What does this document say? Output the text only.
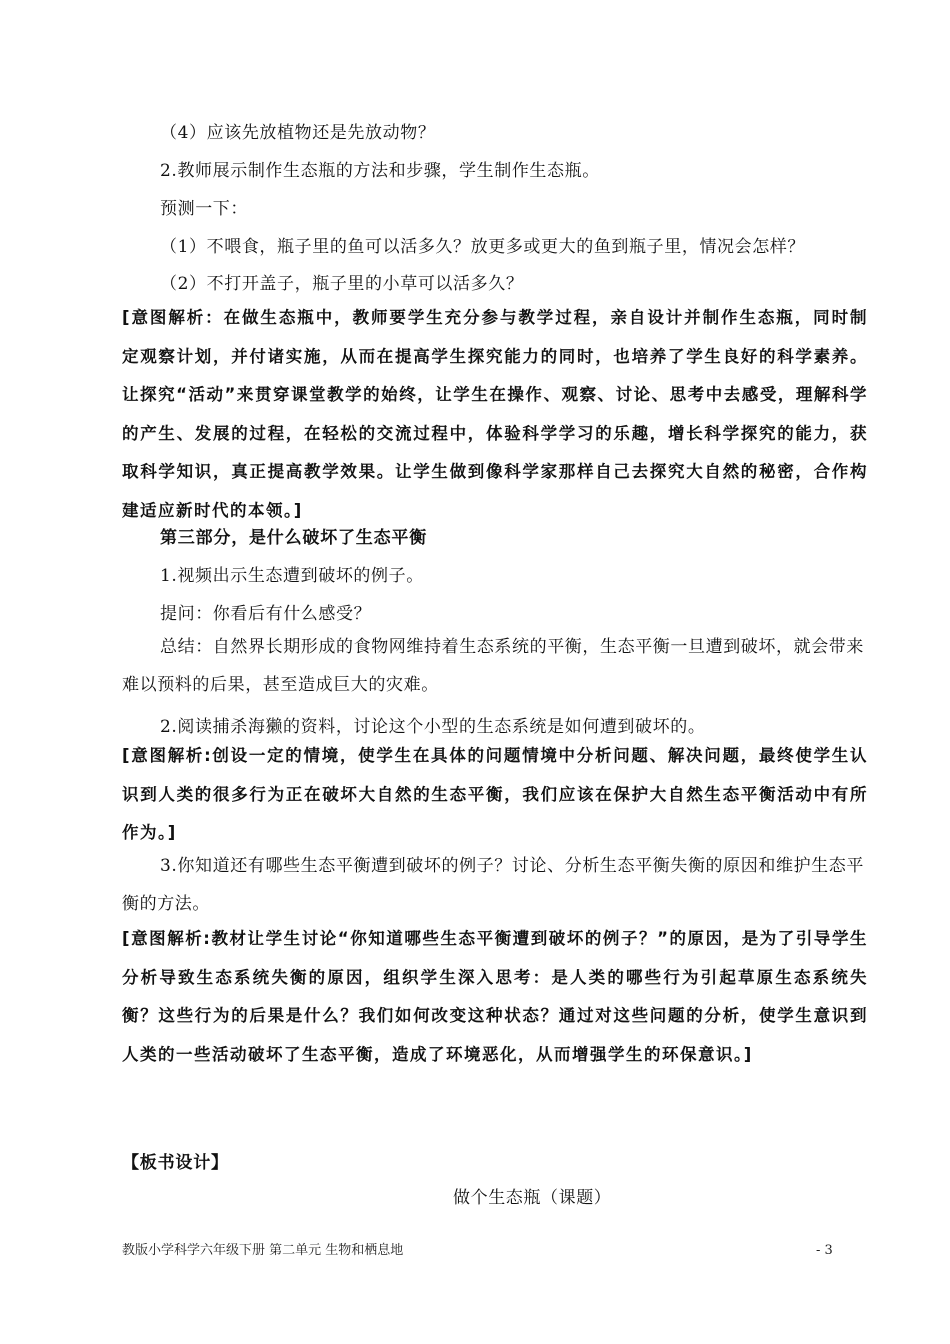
（4）应该先放植物还是先放动物？
2.教师展示制作生态瓶的方法和步骤，学生制作生态瓶。
预测一下：
（1）不喂食，瓶子里的鱼可以活多久？放更多或更大的鱼到瓶子里，情况会怎样？
（2）不打开盖子，瓶子里的小草可以活多久？
[意图解析：在做生态瓶中，教师要学生充分参与教学过程，亲自设计并制作生态瓶，同时制定观察计划，并付诸实施，从而在提高学生探究能力的同时，也培养了学生良好的科学素养。让探究“活动”来贯穿课堂教学的始终，让学生在操作、观察、讨论、思考中去感受，理解科学的产生、发展的过程，在轻松的交流过程中，体验科学学习的乐趣，增长科学探究的能力，获取科学知识，真正提高教学效果。让学生做到像科学家那样自己去探究大自然的秘密，合作构建适应新时代的本领。]
第三部分，是什么破坏了生态平衡
1.视频出示生态遭到破坏的例子。
提问：你看后有什么感受？
总结：自然界长期形成的食物网维持着生态系统的平衡，生态平衡一旦遭到破坏，就会带来难以预料的后果，甚至造成巨大的灾难。
2.阅读捕杀海獭的资料，讨论这个小型的生态系统是如何遭到破坏的。
[意图解析:创设一定的情境，使学生在具体的问题情境中分析问题、解决问题，最终使学生认识到人类的很多行为正在破坏大自然的生态平衡，我们应该在保护大自然生态平衡活动中有所作为。]
3.你知道还有哪些生态平衡遭到破坏的例子？讨论、分析生态平衡失衡的原因和维护生态平衡的方法。
[意图解析:教材让学生讨论“你知道哪些生态平衡遭到破坏的例子？”的原因，是为了引导学生分析导致生态系统失衡的原因，组织学生深入思考：是人类的哪些行为引起草原生态系统失衡？这些行为的后果是什么？我们如何改变这种状态？通过对这些问题的分析，使学生意识到人类的一些活动破坏了生态平衡，造成了环境恶化，从而增强学生的环保意识。]
【板书设计】
做个生态瓶（课题）
教版小学科学六年级下册 第二单元 生物和栖息地	- 3
